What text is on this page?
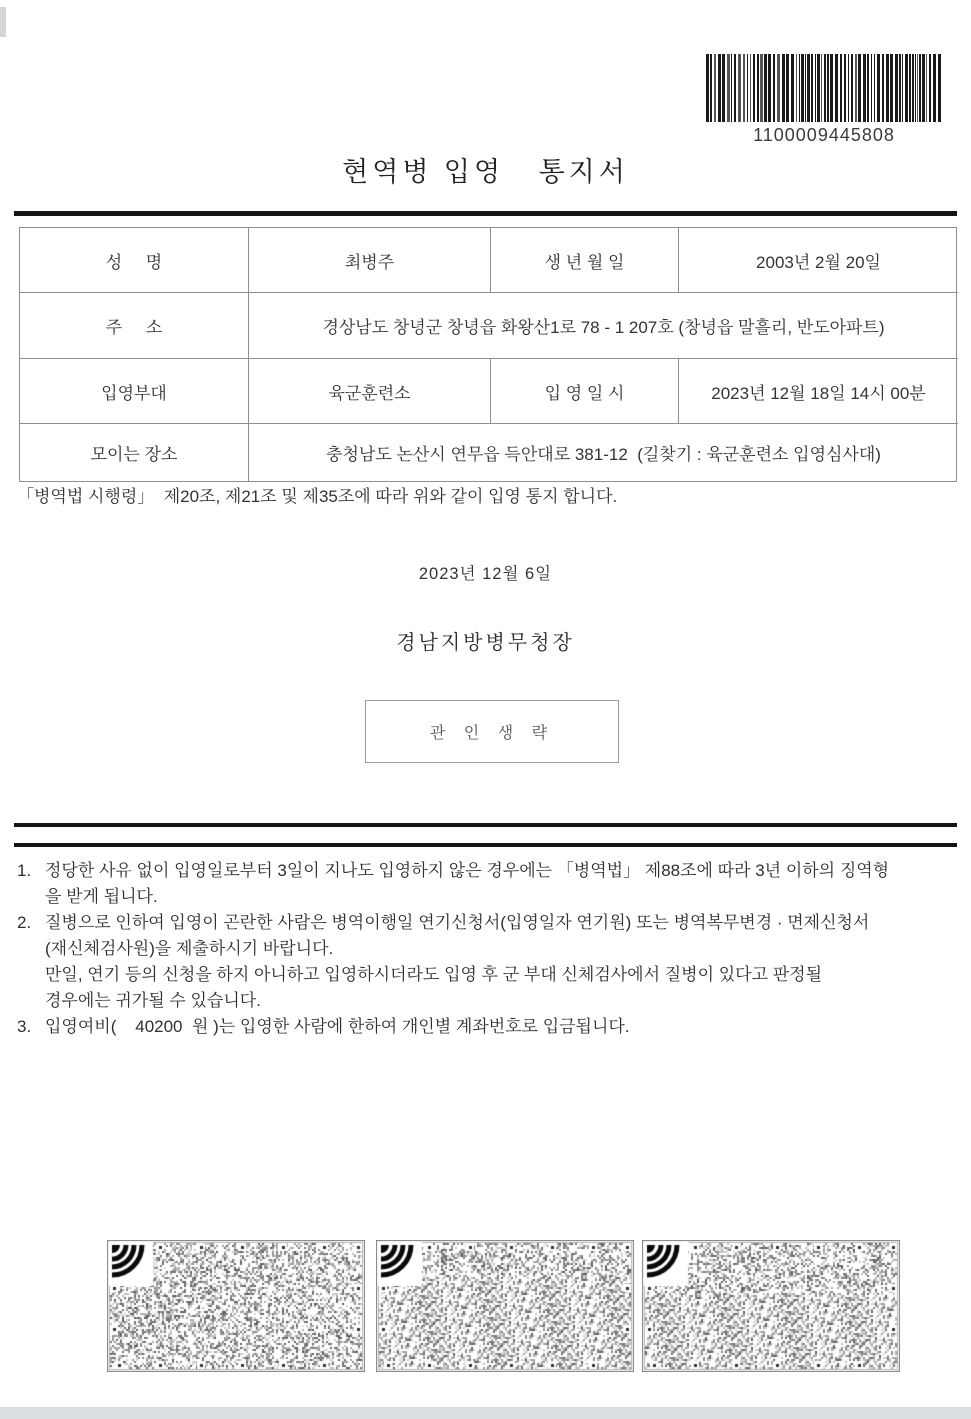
1100009445808
현역병 입영   통지서
성     명	최병주	생 년 월 일	2003년 2월 20일
주     소	경상남도 창녕군 창녕읍 화왕산1로 78 - 1 207호 (창녕읍 말흘리, 반도아파트)
입영부대	육군훈련소	입 영 일 시	2023년 12월 18일 14시 00분
모이는 장소	충청남도 논산시 연무읍 득안대로 381-12  (길찾기 : 육군훈련소 입영심사대)
「병역법 시행령」  제20조, 제21조 및 제35조에 따라 위와 같이 입영 통지 합니다.
2023년 12월 6일
경남지방병무청장
관 인 생 략
1. 정당한 사유 없이 입영일로부터 3일이 지나도 입영하지 않은 경우에는 「병역법」 제88조에 따라 3년 이하의 징역형
을 받게 됩니다.
2. 질병으로 인하여 입영이 곤란한 사람은 병역이행일 연기신청서(입영일자 연기원) 또는 병역복무변경 · 면제신청서
(재신체검사원)을 제출하시기 바랍니다.
만일, 연기 등의 신청을 하지 아니하고 입영하시더라도 입영 후 군 부대 신체검사에서 질병이 있다고 판정될
경우에는 귀가될 수 있습니다.
3. 입영여비(    40200  원 )는 입영한 사람에 한하여 개인별 계좌번호로 입금됩니다.
